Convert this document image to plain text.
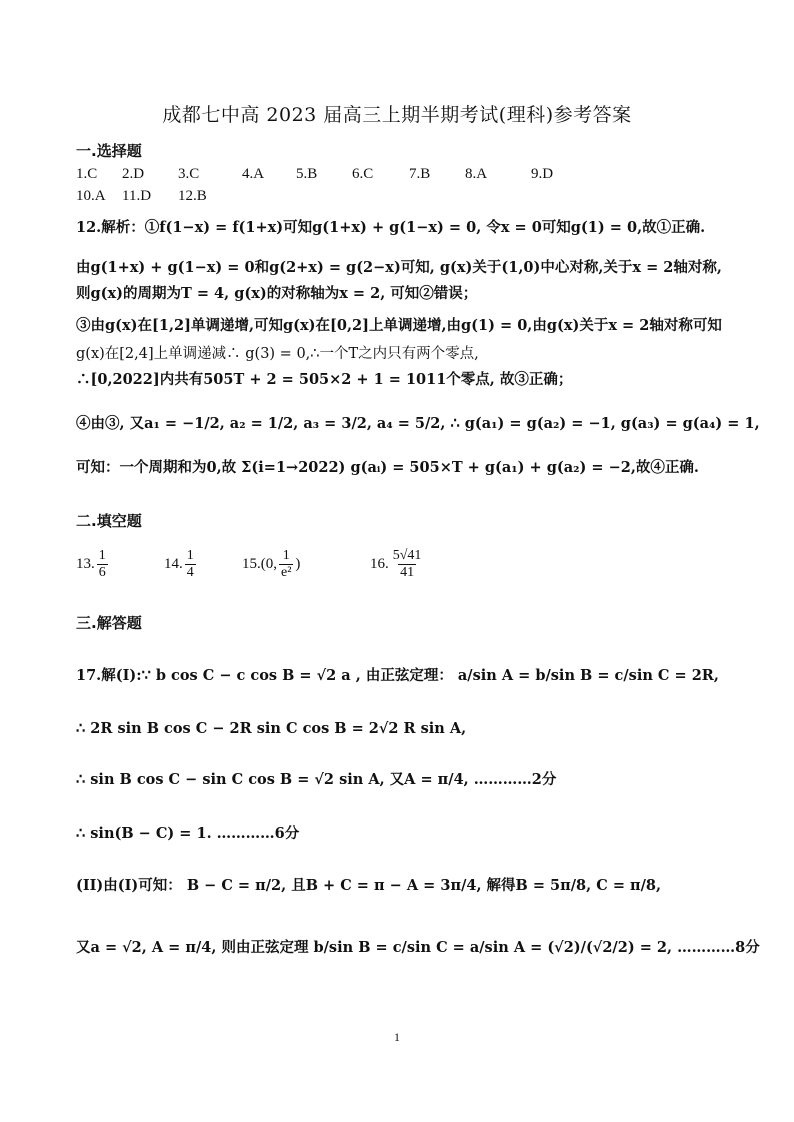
成都七中高 2023 届高三上期半期考试(理科)参考答案
一.选择题
1.C 2.D 3.C	4.A 5.B 6.C 7.B 8.A	9.D
10.A 11.D 12.B
12.解析：①f(1−x) = f(1+x)可知g(1+x) + g(1−x) = 0, 令x = 0可知g(1) = 0,故①正确.
由g(1+x) + g(1−x) = 0和g(2+x) = g(2−x)可知, g(x)关于(1,0)中心对称,关于x = 2轴对称,
则g(x)的周期为T = 4, g(x)的对称轴为x = 2, 可知②错误；
③由g(x)在[1,2]单调递增,可知g(x)在[0,2]上单调递增,由g(1) = 0,由g(x)关于x = 2轴对称可知
g(x)在[2,4]上单调递减∴ g(3) = 0,∴一个T之内只有两个零点,
∴[0,2022]内共有505T + 2 = 505×2 + 1 = 1011个零点, 故③正确；
④由③, 又a₁ = −1/2, a₂ = 1/2, a₃ = 3/2, a₄ = 5/2, ∴ g(a₁) = g(a₂) = −1, g(a₃) = g(a₄) = 1,
可知：一个周期和为0,故 Σ(i=1→2022) g(aᵢ) = 505×T + g(a₁) + g(a₂) = −2,故④正确.
二.填空题
13. $\frac{1}{6}$	14. $\frac{1}{4}$	15.(0, $\frac{1}{\text{e²}}$ )	16. $\frac{5√41}{41}$
三.解答题
17.解(I):∵ b cos C − c cos B = √2 a , 由正弦定理： a/sin A = b/sin B = c/sin C = 2R,
∴ 2R sin B cos C − 2R sin C cos B = 2√2 R sin A,
∴ sin B cos C − sin C cos B = √2 sin A, 又A = π/4, …………2分
∴ sin(B − C) = 1. …………6分
(II)由(I)可知： B − C = π/2, 且B + C = π − A = 3π/4, 解得B = 5π/8, C = π/8,
又a = √2, A = π/4, 则由正弦定理 b/sin B = c/sin C = a/sin A = (√2)/(√2/2) = 2, …………8分
1
